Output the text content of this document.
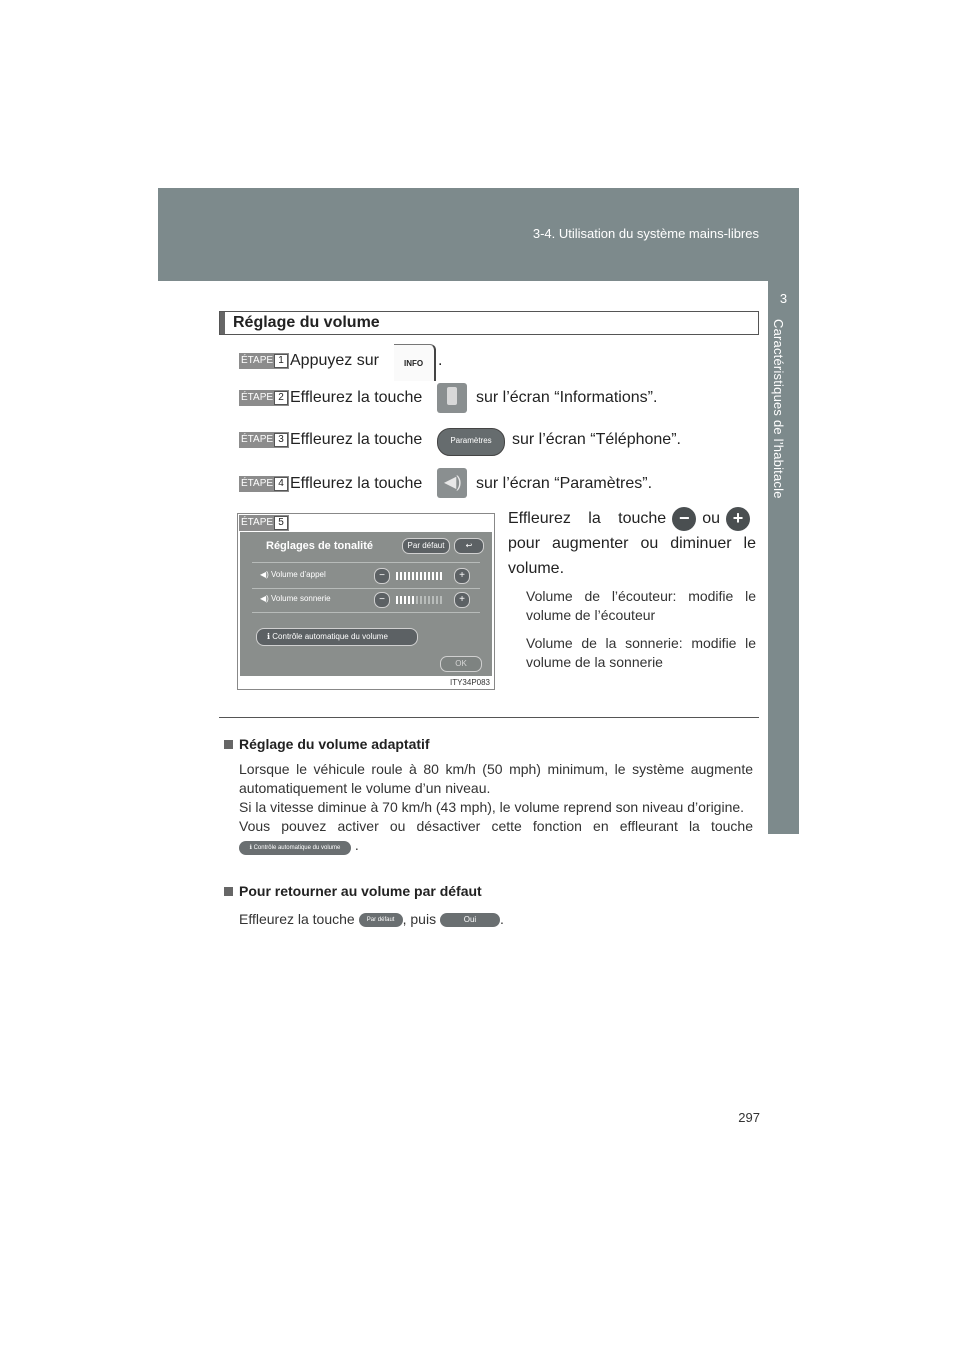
3-4. Utilisation du système mains-libres
3
Caractéristiques de l’habitacle
Réglage du volume
ÉTAPE 1 Appuyez sur	INFO .
ÉTAPE 2 Effleurez la touche	sur l’écran “Informations”.
ÉTAPE 3 Effleurez la touche	Paramètres	sur l’écran “Téléphone”.
ÉTAPE 4 Effleurez la touche ◀) sur l’écran “Paramètres”.
ÉTAPE 5
Réglages de tonalité	Par défaut	↩
◀) Volume d’appel	−	+
◀) Volume sonnerie	−	+
ℹ Contrôle automatique du volume
OK
ITY34P083
Effleurez la touche − ou + pour augmenter ou diminuer le volume.
Volume de l’écouteur: modifie le volume de l’écouteur
Volume de la sonnerie: modifie le volume de la sonnerie
Réglage du volume adaptatif
Lorsque le véhicule roule à 80 km/h (50 mph) minimum, le système augmente automatiquement le volume d’un niveau.
Si la vitesse diminue à 70 km/h (43 mph), le volume reprend son niveau d’origine.
Vous pouvez activer ou désactiver cette fonction en effleurant la touche ℹ Contrôle automatique du volume .
Pour retourner au volume par défaut
Effleurez la touche Par défaut , puis	Oui .
297
